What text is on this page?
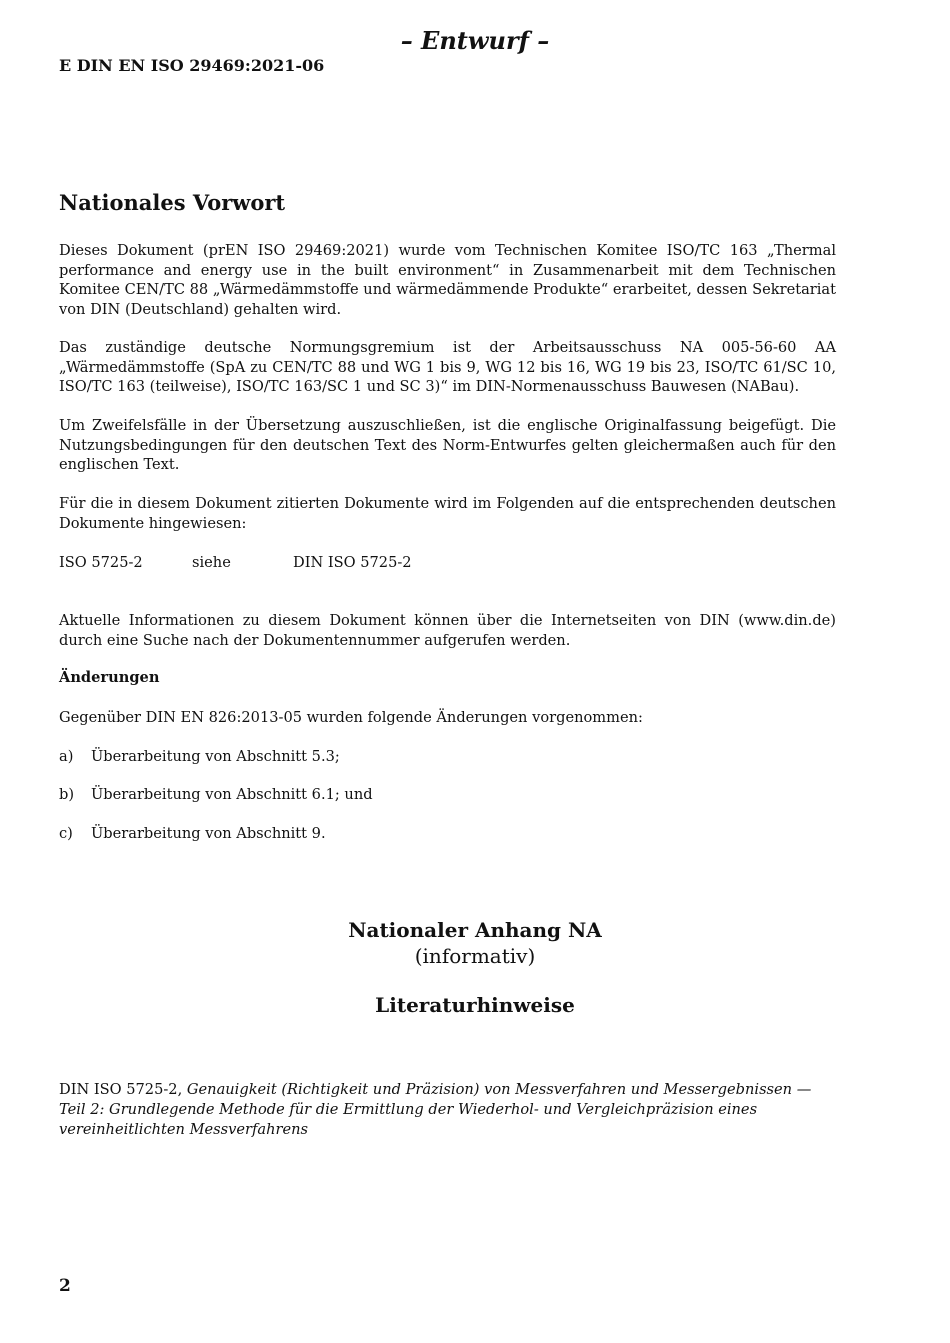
– Entwurf –
E DIN EN ISO 29469:2021-06
Nationales Vorwort

Dieses Dokument (prEN ISO 29469:2021) wurde vom Technischen Komitee ISO/TC 163 „Thermal performance and energy use in the built environment“ in Zusammenarbeit mit dem Technischen Komitee CEN/TC 88 „Wärmedämmstoffe und wärmedämmende Produkte“ erarbeitet, dessen Sekretariat von DIN (Deutschland) gehalten wird.

Das zuständige deutsche Normungsgremium ist der Arbeitsausschuss NA 005-56-60 AA „Wärmedämmstoffe (SpA zu CEN/TC 88 und WG 1 bis 9, WG 12 bis 16, WG 19 bis 23, ISO/TC 61/SC 10, ISO/TC 163 (teilweise), ISO/TC 163/SC 1 und SC 3)“ im DIN-Normenausschuss Bauwesen (NABau).

Um Zweifelsfälle in der Übersetzung auszuschließen, ist die englische Originalfassung beigefügt. Die Nutzungsbedingungen für den deutschen Text des Norm-Entwurfes gelten gleichermaßen auch für den englischen Text.

Für die in diesem Dokument zitierten Dokumente wird im Folgenden auf die entsprechenden deutschen Dokumente hingewiesen:

ISO 5725-2	siehe	DIN ISO 5725-2

Aktuelle Informationen zu diesem Dokument können über die Internetseiten von DIN (www.din.de) durch eine Suche nach der Dokumentennummer aufgerufen werden.

Änderungen

Gegenüber DIN EN 826:2013-05 wurden folgende Änderungen vorgenommen:

a) Überarbeitung von Abschnitt 5.3;
b) Überarbeitung von Abschnitt 6.1; und
c) Überarbeitung von Abschnitt 9.
Nationaler Anhang NA
(informativ)
Literaturhinweise

DIN ISO 5725-2, Genauigkeit (Richtigkeit und Präzision) von Messverfahren und Messergebnissen — Teil 2: Grundlegende Methode für die Ermittlung der Wiederhol- und Vergleichpräzision eines vereinheitlichten Messverfahrens

2
